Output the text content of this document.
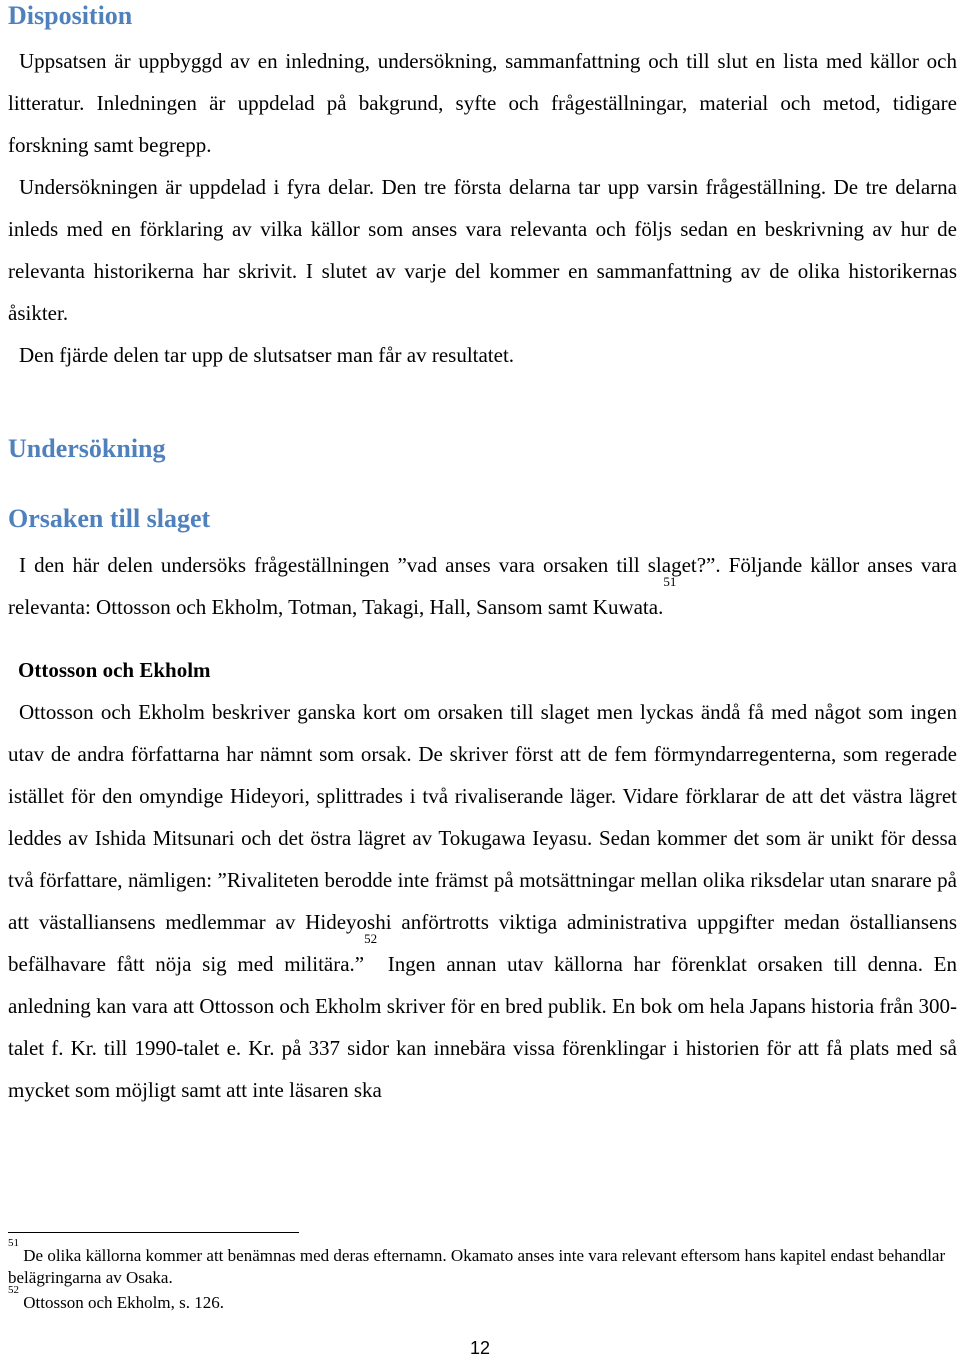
Disposition

Uppsatsen är uppbyggd av en inledning, undersökning, sammanfattning och till slut en lista med källor och litteratur. Inledningen är uppdelad på bakgrund, syfte och frågeställningar, material och metod, tidigare forskning samt begrepp.

Undersökningen är uppdelad i fyra delar. Den tre första delarna tar upp varsin frågeställning. De tre delarna inleds med en förklaring av vilka källor som anses vara relevanta och följs sedan en beskrivning av hur de relevanta historikerna har skrivit. I slutet av varje del kommer en sammanfattning av de olika historikernas åsikter.

Den fjärde delen tar upp de slutsatser man får av resultatet.

Undersökning
Orsaken till slaget

I den här delen undersöks frågeställningen ”vad anses vara orsaken till slaget?”. Följande källor anses vara relevanta: Ottosson och Ekholm, Totman, Takagi, Hall, Sansom samt Kuwata.$^{51}$

Ottosson och Ekholm

Ottosson och Ekholm beskriver ganska kort om orsaken till slaget men lyckas ändå få med något som ingen utav de andra författarna har nämnt som orsak. De skriver först att de fem förmyndarregenterna, som regerade istället för den omyndige Hideyori, splittrades i två rivaliserande läger. Vidare förklarar de att det västra lägret leddes av Ishida Mitsunari och det östra lägret av Tokugawa Ieyasu. Sedan kommer det som är unikt för dessa två författare, nämligen: ”Rivaliteten berodde inte främst på motsättningar mellan olika riksdelar utan snarare på att västalliansens medlemmar av Hideyoshi anförtrotts viktiga administrativa uppgifter medan östalliansens befälhavare fått nöja sig med militära.”$^{52}$ Ingen annan utav källorna har förenklat orsaken till denna. En anledning kan vara att Ottosson och Ekholm skriver för en bred publik. En bok om hela Japans historia från 300-talet f. Kr. till 1990-talet e. Kr. på 337 sidor kan innebära vissa förenklingar i historien för att få plats med så mycket som möjligt samt att inte läsaren ska

$^{51}$ De olika källorna kommer att benämnas med deras efternamn. Okamato anses inte vara relevant eftersom hans kapitel endast behandlar belägringarna av Osaka.

$^{52}$ Ottosson och Ekholm, s. 126.

12
